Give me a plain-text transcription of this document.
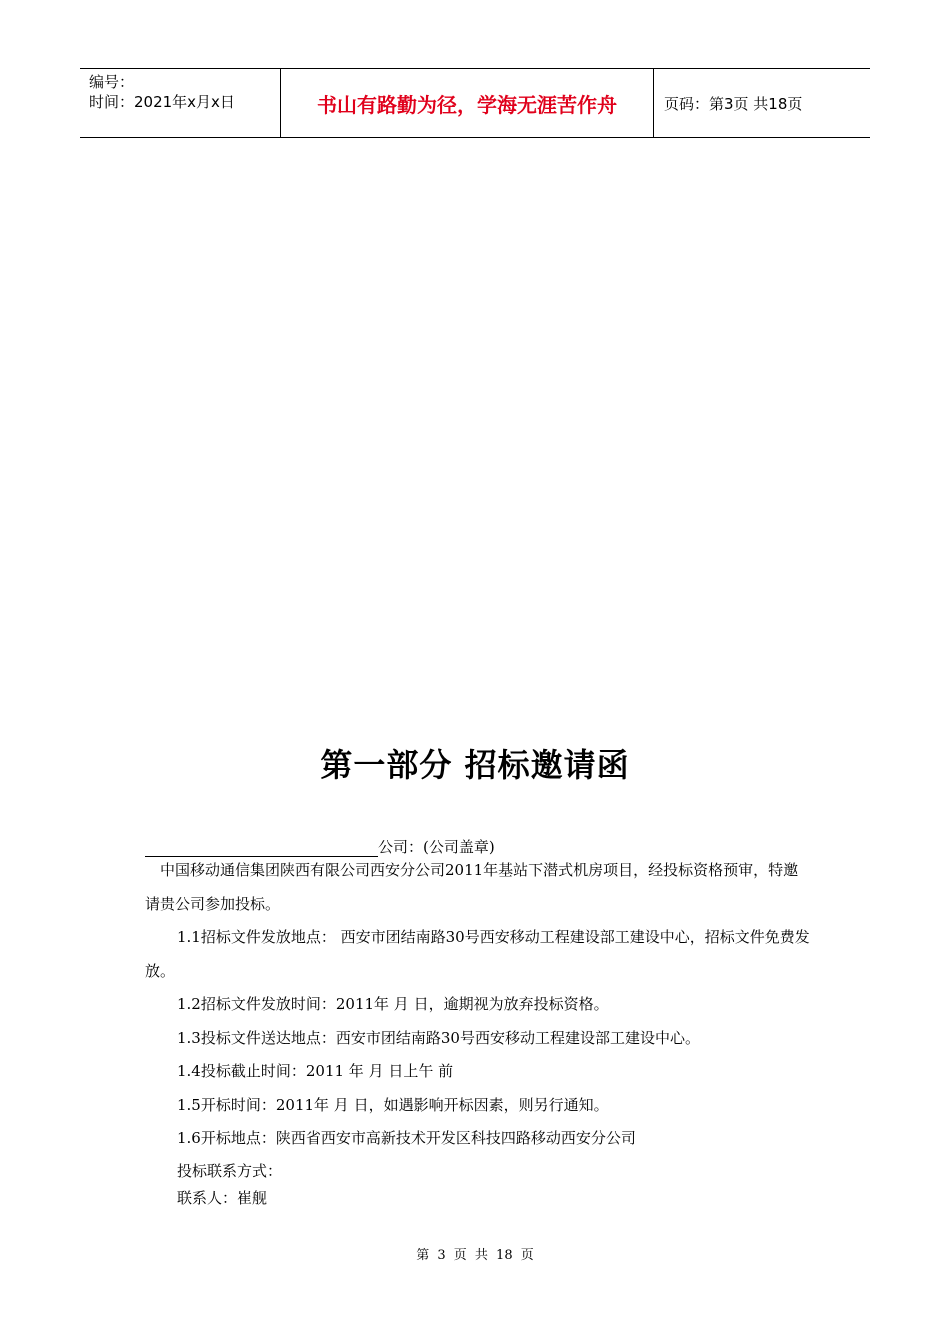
编号：
时间：2021年x月x日	书山有路勤为径，学海无涯苦作舟	页码：第3页 共18页
第一部分 招标邀请函
公司：(公司盖章)
中国移动通信集团陕西有限公司西安分公司2011年基站下潜式机房项目，经投标资格预审，特邀请贵公司参加投标。
1.1招标文件发放地点： 西安市团结南路30号西安移动工程建设部工建设中心，招标文件免费发放。
1.2招标文件发放时间：2011年 月 日，逾期视为放弃投标资格。
1.3投标文件送达地点：西安市团结南路30号西安移动工程建设部工建设中心。
1.4投标截止时间：2011 年 月 日上午 前
1.5开标时间：2011年 月 日，如遇影响开标因素，则另行通知。
1.6开标地点：陕西省西安市高新技术开发区科技四路移动西安分公司
投标联系方式：
联系人：崔舰
第 3 页 共 18 页
